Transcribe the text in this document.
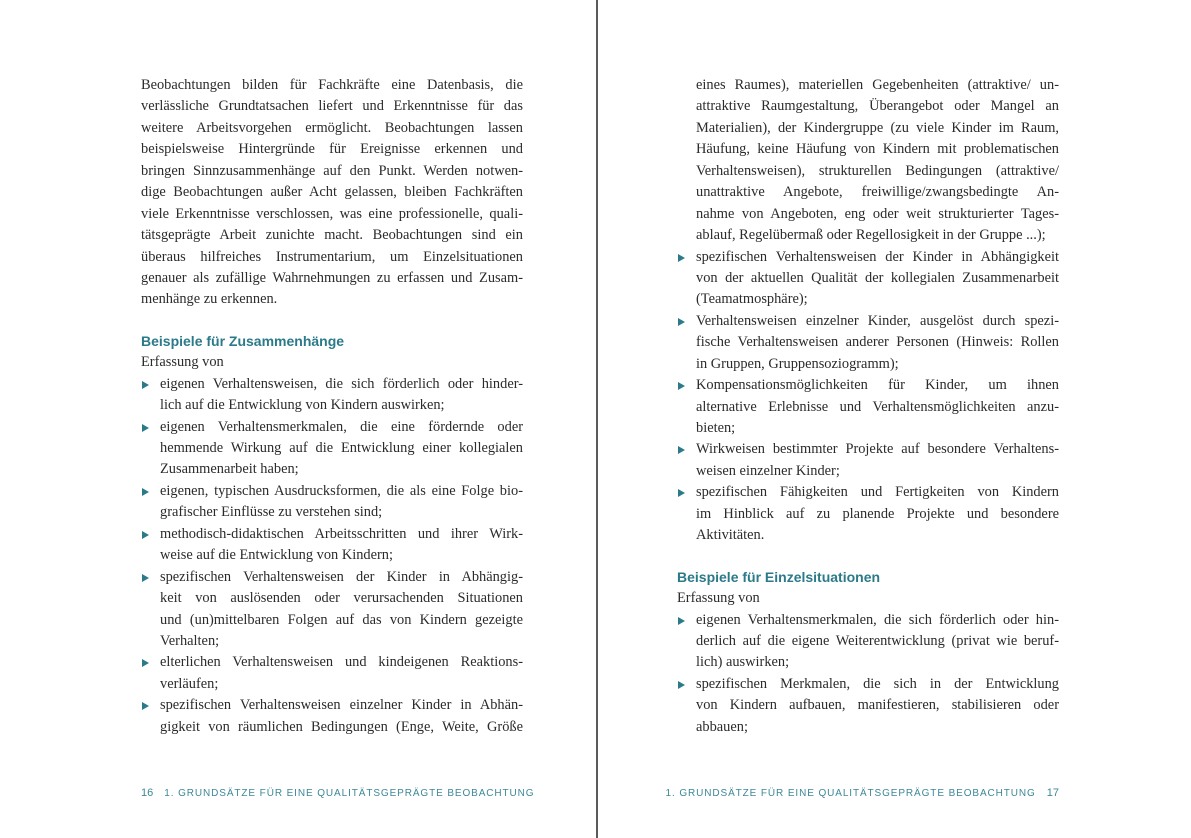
Beobachtungen bilden für Fachkräfte eine Datenbasis, die
verlässliche Grundtatsachen liefert und Erkenntnisse für das
weitere Arbeitsvorgehen ermöglicht. Beobachtungen lassen
beispielsweise Hintergründe für Ereignisse erkennen und
bringen Sinnzusammenhänge auf den Punkt. Werden notwen-
dige Beobachtungen außer Acht gelassen, bleiben Fachkräften
viele Erkenntnisse verschlossen, was eine professionelle, quali-
tätsgeprägte Arbeit zunichte macht. Beobachtungen sind ein
überaus hilfreiches Instrumentarium, um Einzelsituationen
genauer als zufällige Wahrnehmungen zu erfassen und Zusam-
menhänge zu erkennen.
Beispiele für Zusammenhänge
Erfassung von
eigenen Verhaltensweisen, die sich förderlich oder hinder-
lich auf die Entwicklung von Kindern auswirken;
eigenen Verhaltensmerkmalen, die eine fördernde oder
hemmende Wirkung auf die Entwicklung einer kollegialen
Zusammenarbeit haben;
eigenen, typischen Ausdrucksformen, die als eine Folge bio-
grafischer Einflüsse zu verstehen sind;
methodisch-didaktischen Arbeitsschritten und ihrer Wirk-
weise auf die Entwicklung von Kindern;
spezifischen Verhaltensweisen der Kinder in Abhängig-
keit von auslösenden oder verursachenden Situationen
und (un)mittelbaren Folgen auf das von Kindern gezeigte
Verhalten;
elterlichen Verhaltensweisen und kindeigenen Reaktions-
verläufen;
spezifischen Verhaltensweisen einzelner Kinder in Abhän-
gigkeit von räumlichen Bedingungen (Enge, Weite, Größe
eines Raumes), materiellen Gegebenheiten (attraktive/ un-
attraktive Raumgestaltung, Überangebot oder Mangel an
Materialien), der Kindergruppe (zu viele Kinder im Raum,
Häufung, keine Häufung von Kindern mit problematischen
Verhaltensweisen), strukturellen Bedingungen (attraktive/
unattraktive Angebote, freiwillige/zwangsbedingte An-
nahme von Angeboten, eng oder weit strukturierter Tages-
ablauf, Regelübermaß oder Regellosigkeit in der Gruppe ...);
spezifischen Verhaltensweisen der Kinder in Abhängigkeit
von der aktuellen Qualität der kollegialen Zusammenarbeit
(Teamatmosphäre);
Verhaltensweisen einzelner Kinder, ausgelöst durch spezi-
fische Verhaltensweisen anderer Personen (Hinweis: Rollen
in Gruppen, Gruppensoziogramm);
Kompensationsmöglichkeiten für Kinder, um ihnen
alternative Erlebnisse und Verhaltensmöglichkeiten anzu-
bieten;
Wirkweisen bestimmter Projekte auf besondere Verhaltens-
weisen einzelner Kinder;
spezifischen Fähigkeiten und Fertigkeiten von Kindern
im Hinblick auf zu planende Projekte und besondere
Aktivitäten.
Beispiele für Einzelsituationen
Erfassung von
eigenen Verhaltensmerkmalen, die sich förderlich oder hin-
derlich auf die eigene Weiterentwicklung (privat wie beruf-
lich) auswirken;
spezifischen Merkmalen, die sich in der Entwicklung
von Kindern aufbauen, manifestieren, stabilisieren oder
abbauen;
16 1. GRUNDSÄTZE FÜR EINE QUALITÄTSGEPRÄGTE BEOBACHTUNG	1. GRUNDSÄTZE FÜR EINE QUALITÄTSGEPRÄGTE BEOBACHTUNG 17
